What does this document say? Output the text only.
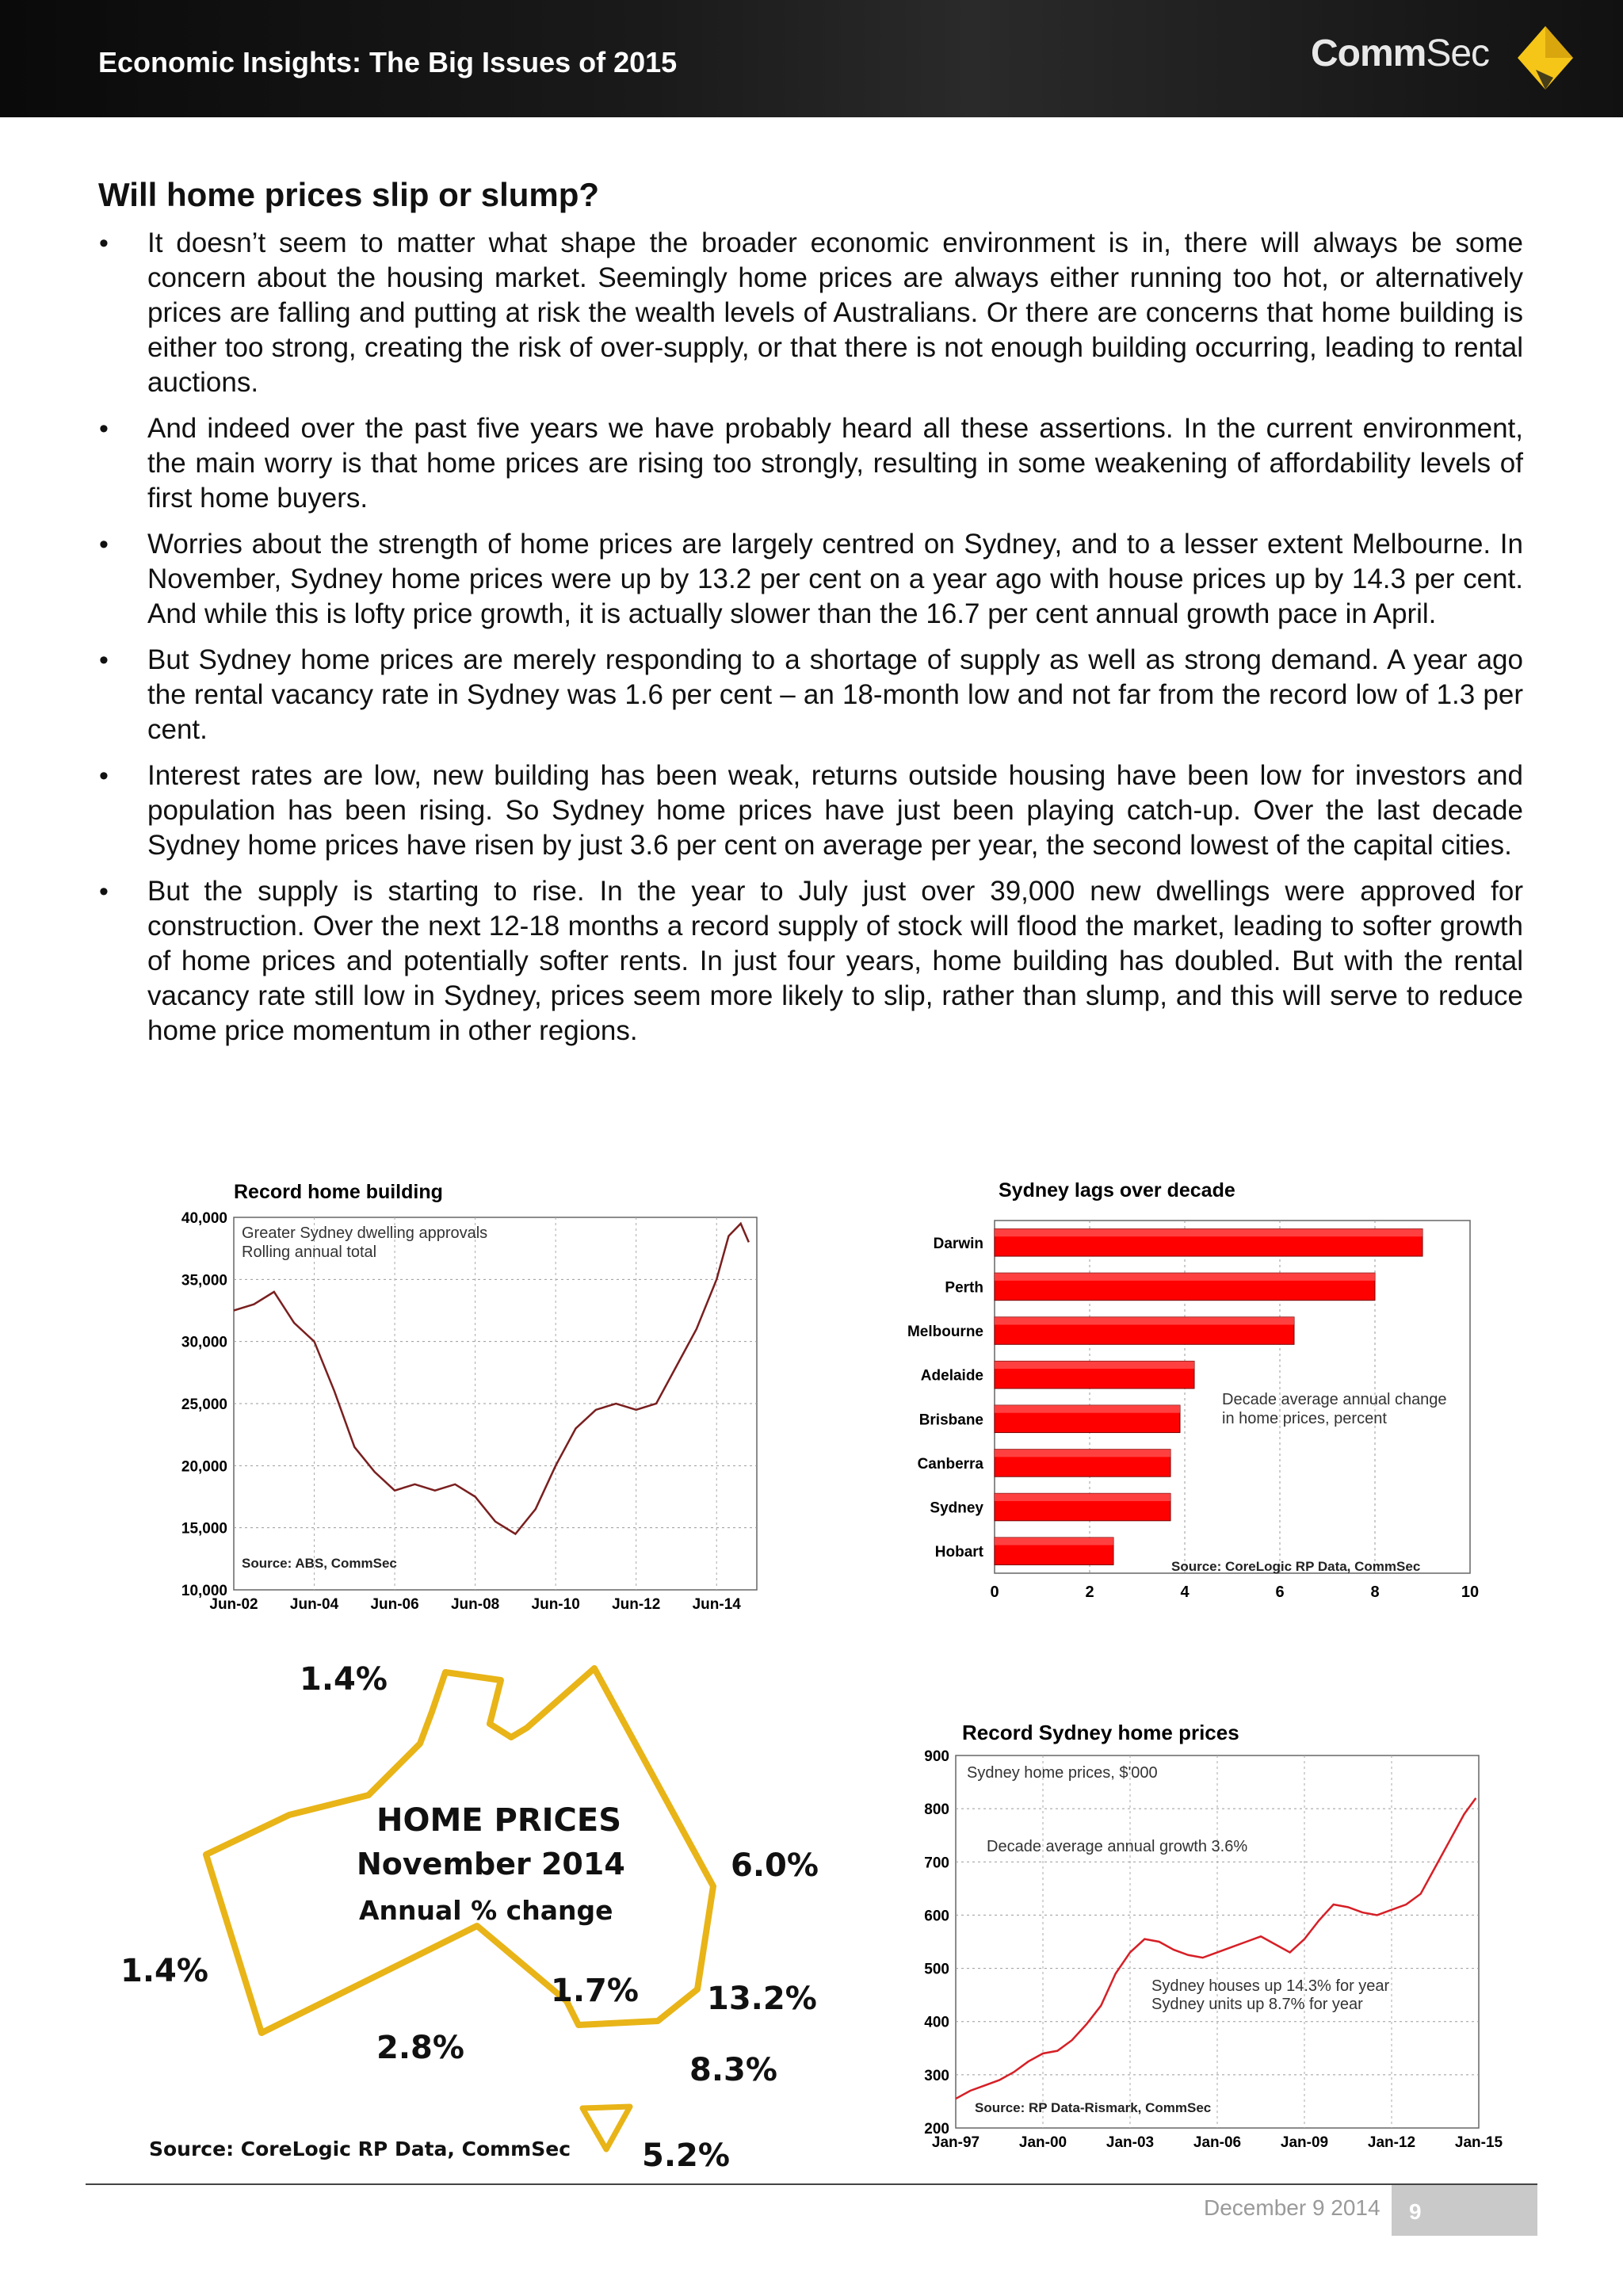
Economic Insights: The Big Issues of 2015	CommSec
Will home prices slip or slump?
• It doesn’t seem to matter what shape the broader economic environment is in, there will always be some concern about the housing market. Seemingly home prices are always either running too hot, or alternatively prices are falling and putting at risk the wealth levels of Australians. Or there are concerns that home building is either too strong, creating the risk of over-supply, or that there is not enough building occurring, leading to rental auctions.
• And indeed over the past five years we have probably heard all these assertions. In the current environment, the main worry is that home prices are rising too strongly, resulting in some weakening of affordability levels of first home buyers.
• Worries about the strength of home prices are largely centred on Sydney, and to a lesser extent Melbourne. In November, Sydney home prices were up by 13.2 per cent on a year ago with house prices up by 14.3 per cent. And while this is lofty price growth, it is actually slower than the 16.7 per cent annual growth pace in April.
• But Sydney home prices are merely responding to a shortage of supply as well as strong demand. A year ago the rental vacancy rate in Sydney was 1.6 per cent – an 18-month low and not far from the record low of 1.3 per cent.
• Interest rates are low, new building has been weak, returns outside housing have been low for investors and population has been rising. So Sydney home prices have just been playing catch-up. Over the last decade Sydney home prices have risen by just 3.6 per cent on average per year, the second lowest of the capital cities.
• But the supply is starting to rise. In the year to July just over 39,000 new dwellings were approved for construction. Over the next 12-18 months a record supply of stock will flood the market, leading to softer growth of home prices and potentially softer rents. In just four years, home building has doubled. But with the rental vacancy rate still low in Sydney, prices seem more likely to slip, rather than slump, and this will serve to reduce home price momentum in other regions.
Record home building
10,000
15,000
20,000
25,000
30,000
35,000
40,000
Jun-02 Jun-04 Jun-06 Jun-08 Jun-10 Jun-12 Jun-14
Greater Sydney dwelling approvals
Rolling annual total
Source: ABS, CommSec
Sydney lags over decade
Darwin
Perth
Melbourne
Adelaide
Brisbane
Canberra
Sydney
Hobart
0	2	4	6	8	10
Decade average annual change
in home prices, percent
Source: CoreLogic RP Data, CommSec
1.4%
1.4%
HOME PRICES
November 2014
Annual % change
6.0%
1.7% 13.2%
2.8%
8.3%
5.2%
Source: CoreLogic RP Data, CommSec
Record Sydney home prices
200
300
400
500
600
700
800
900
Jan-97	Jan-00	Jan-03	Jan-06	Jan-09	Jan-12	Jan-15
Sydney home prices, $'000
Decade average annual growth 3.6%
Sydney houses up 14.3% for year
Sydney units up 8.7% for year
Source: RP Data-Rismark, CommSec
December 9 2014 9
